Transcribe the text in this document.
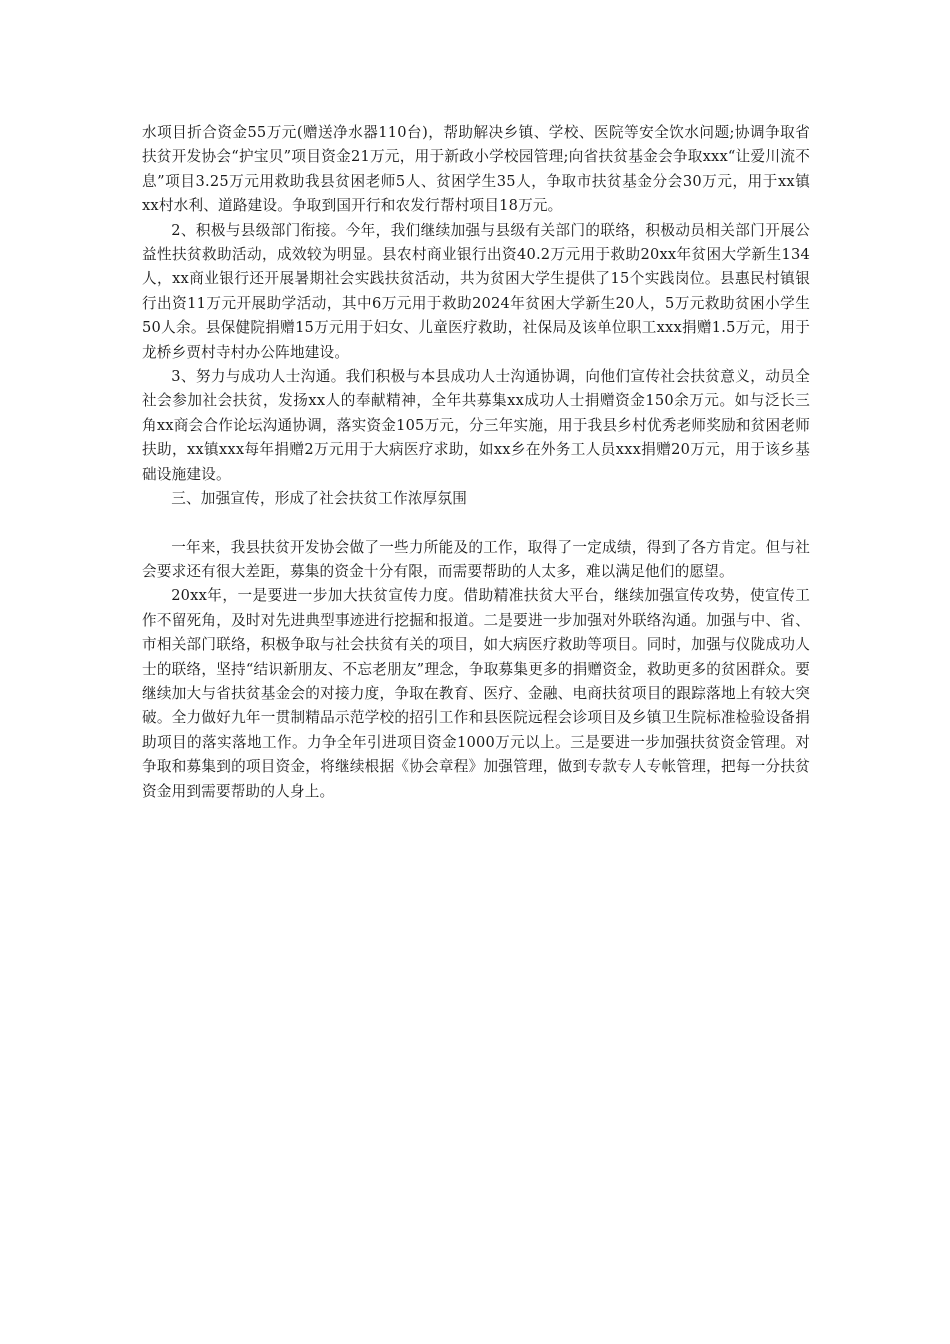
水项目折合资金55万元(赠送净水器110台)，帮助解决乡镇、学校、医院等安全饮水问题;协调争取省扶贫开发协会“护宝贝”项目资金21万元，用于新政小学校园管理;向省扶贫基金会争取xxx“让爱川流不息”项目3.25万元用救助我县贫困老师5人、贫困学生35人，争取市扶贫基金分会30万元，用于xx镇xx村水利、道路建设。争取到国开行和农发行帮村项目18万元。

2、积极与县级部门衔接。今年，我们继续加强与县级有关部门的联络，积极动员相关部门开展公益性扶贫救助活动，成效较为明显。县农村商业银行出资40.2万元用于救助20xx年贫困大学新生134人，xx商业银行还开展暑期社会实践扶贫活动，共为贫困大学生提供了15个实践岗位。县惠民村镇银行出资11万元开展助学活动，其中6万元用于救助2024年贫困大学新生20人，5万元救助贫困小学生50人余。县保健院捐赠15万元用于妇女、儿童医疗救助，社保局及该单位职工xxx捐赠1.5万元，用于龙桥乡贾村寺村办公阵地建设。

3、努力与成功人士沟通。我们积极与本县成功人士沟通协调，向他们宣传社会扶贫意义，动员全社会参加社会扶贫，发扬xx人的奉献精神，全年共募集xx成功人士捐赠资金150余万元。如与泛长三角xx商会合作论坛沟通协调，落实资金105万元，分三年实施，用于我县乡村优秀老师奖励和贫困老师扶助，xx镇xxx每年捐赠2万元用于大病医疗求助，如xx乡在外务工人员xxx捐赠20万元，用于该乡基础设施建设。

三、加强宣传，形成了社会扶贫工作浓厚氛围

一年来，我县扶贫开发协会做了一些力所能及的工作，取得了一定成绩，得到了各方肯定。但与社会要求还有很大差距，募集的资金十分有限，而需要帮助的人太多，难以满足他们的愿望。

20xx年，一是要进一步加大扶贫宣传力度。借助精准扶贫大平台，继续加强宣传攻势，使宣传工作不留死角，及时对先进典型事迹进行挖掘和报道。二是要进一步加强对外联络沟通。加强与中、省、市相关部门联络，积极争取与社会扶贫有关的项目，如大病医疗救助等项目。同时，加强与仪陇成功人士的联络，坚持“结识新朋友、不忘老朋友”理念，争取募集更多的捐赠资金，救助更多的贫困群众。要继续加大与省扶贫基金会的对接力度，争取在教育、医疗、金融、电商扶贫项目的跟踪落地上有较大突破。全力做好九年一贯制精品示范学校的招引工作和县医院远程会诊项目及乡镇卫生院标准检验设备捐助项目的落实落地工作。力争全年引进项目资金1000万元以上。三是要进一步加强扶贫资金管理。对争取和募集到的项目资金，将继续根据《协会章程》加强管理，做到专款专人专帐管理，把每一分扶贫资金用到需要帮助的人身上。
